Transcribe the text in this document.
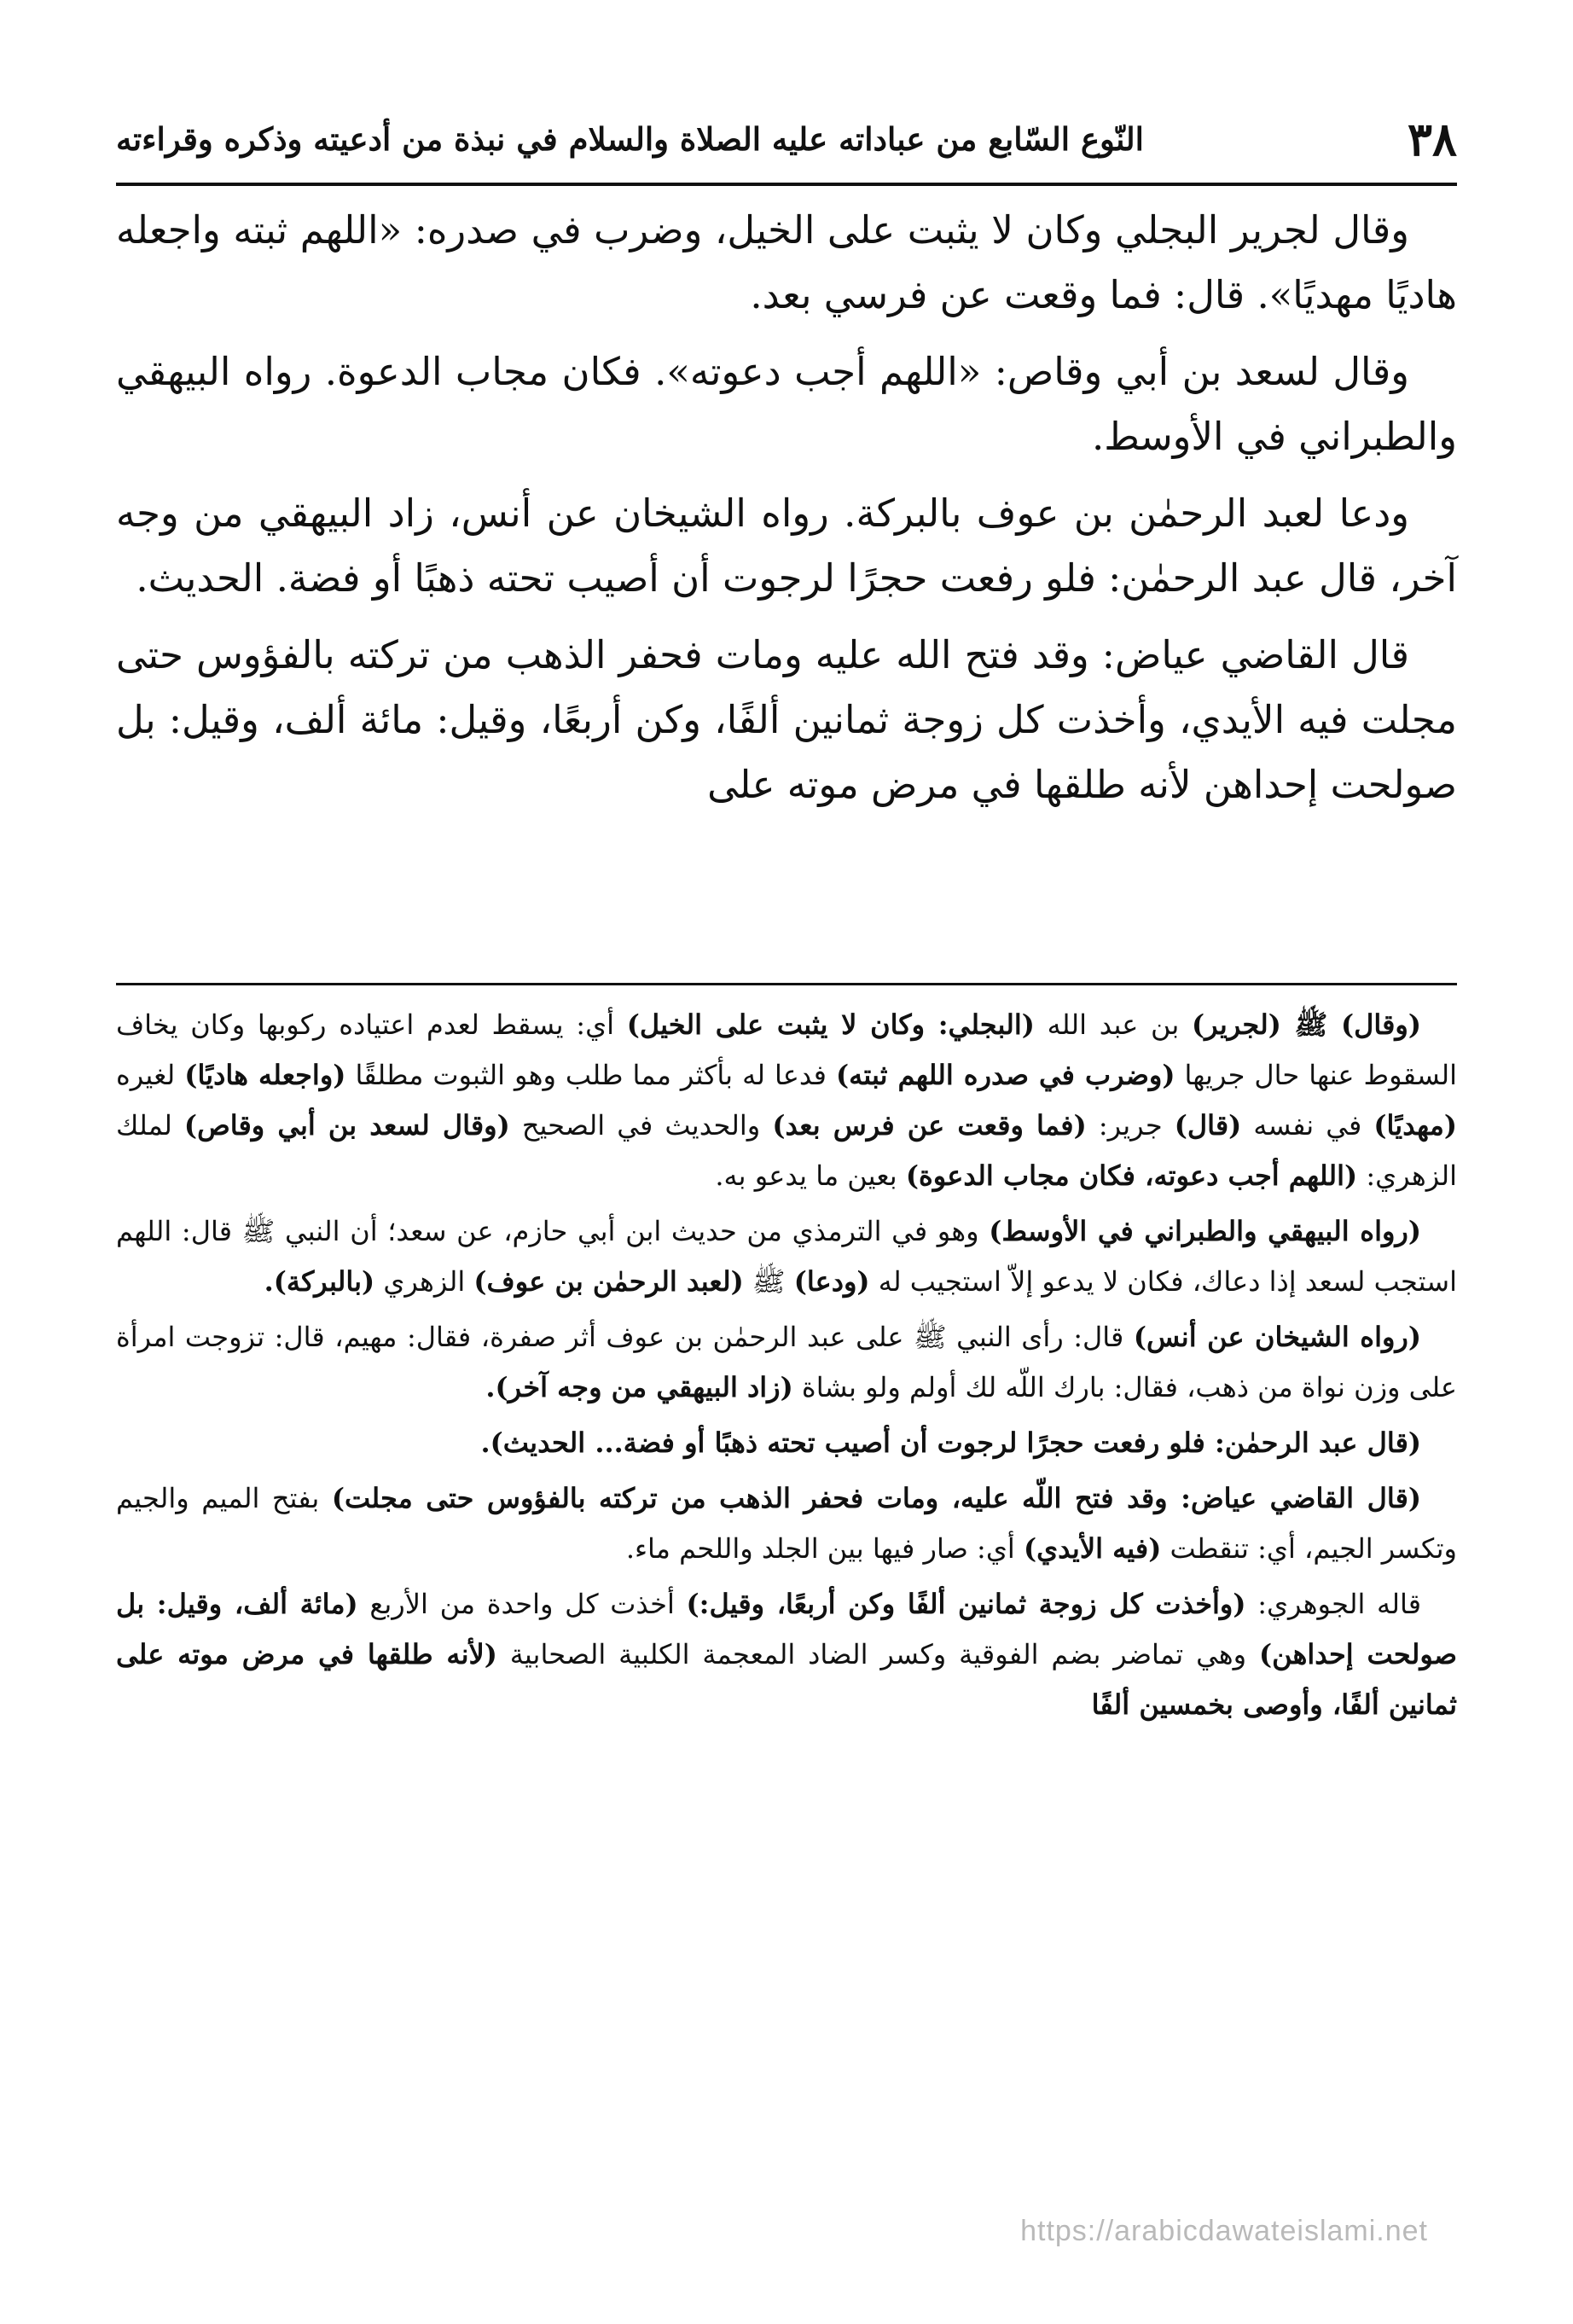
٣٨
النّوع السّابع من عباداته عليه الصلاة والسلام في نبذة من أدعيته وذكره وقراءته

وقال لجرير البجلي وكان لا يثبت على الخيل، وضرب في صدره: «اللهم ثبته واجعله هاديًا مهديًا». قال: فما وقعت عن فرسي بعد.

وقال لسعد بن أبي وقاص: «اللهم أجب دعوته». فكان مجاب الدعوة. رواه البيهقي والطبراني في الأوسط.

ودعا لعبد الرحمٰن بن عوف بالبركة. رواه الشيخان عن أنس، زاد البيهقي من وجه آخر، قال عبد الرحمٰن: فلو رفعت حجرًا لرجوت أن أصيب تحته ذهبًا أو فضة. الحديث.

قال القاضي عياض: وقد فتح الله عليه ومات فحفر الذهب من تركته بالفؤوس حتى مجلت فيه الأيدي، وأخذت كل زوجة ثمانين ألفًا، وكن أربعًا، وقيل: مائة ألف، وقيل: بل صولحت إحداهن لأنه طلقها في مرض موته على

(وقال) ﷺ (لجرير) بن عبد الله (البجلي: وكان لا يثبت على الخيل) أي: يسقط لعدم اعتياده ركوبها وكان يخاف السقوط عنها حال جريها (وضرب في صدره اللهم ثبته) فدعا له بأكثر مما طلب وهو الثبوت مطلقًا (واجعله هاديًا) لغيره (مهديًا) في نفسه (قال) جرير: (فما وقعت عن فرس بعد) والحديث في الصحيح (وقال لسعد بن أبي وقاص) لملك الزهري: (اللهم أجب دعوته، فكان مجاب الدعوة) بعين ما يدعو به.

(رواه البيهقي والطبراني في الأوسط) وهو في الترمذي من حديث ابن أبي حازم، عن سعد؛ أن النبي ﷺ قال: اللهم استجب لسعد إذا دعاك، فكان لا يدعو إلاّ استجيب له (ودعا) ﷺ (لعبد الرحمٰن بن عوف) الزهري (بالبركة).

(رواه الشيخان عن أنس) قال: رأى النبي ﷺ على عبد الرحمٰن بن عوف أثر صفرة، فقال: مهيم، قال: تزوجت امرأة على وزن نواة من ذهب، فقال: بارك اللّه لك أولم ولو بشاة (زاد البيهقي من وجه آخر).

(قال عبد الرحمٰن: فلو رفعت حجرًا لرجوت أن أصيب تحته ذهبًا أو فضة... الحديث).

(قال القاضي عياض: وقد فتح اللّه عليه، ومات فحفر الذهب من تركته بالفؤوس حتى مجلت) بفتح الميم والجيم وتكسر الجيم، أي: تنقطت (فيه الأيدي) أي: صار فيها بين الجلد واللحم ماء.

قاله الجوهري: (وأخذت كل زوجة ثمانين ألفًا وكن أربعًا، وقيل:) أخذت كل واحدة من الأربع (مائة ألف، وقيل: بل صولحت إحداهن) وهي تماضر بضم الفوقية وكسر الضاد المعجمة الكلبية الصحابية (لأنه طلقها في مرض موته على ثمانين ألفًا، وأوصى بخمسين ألفًا

https://arabicdawateislami.net
